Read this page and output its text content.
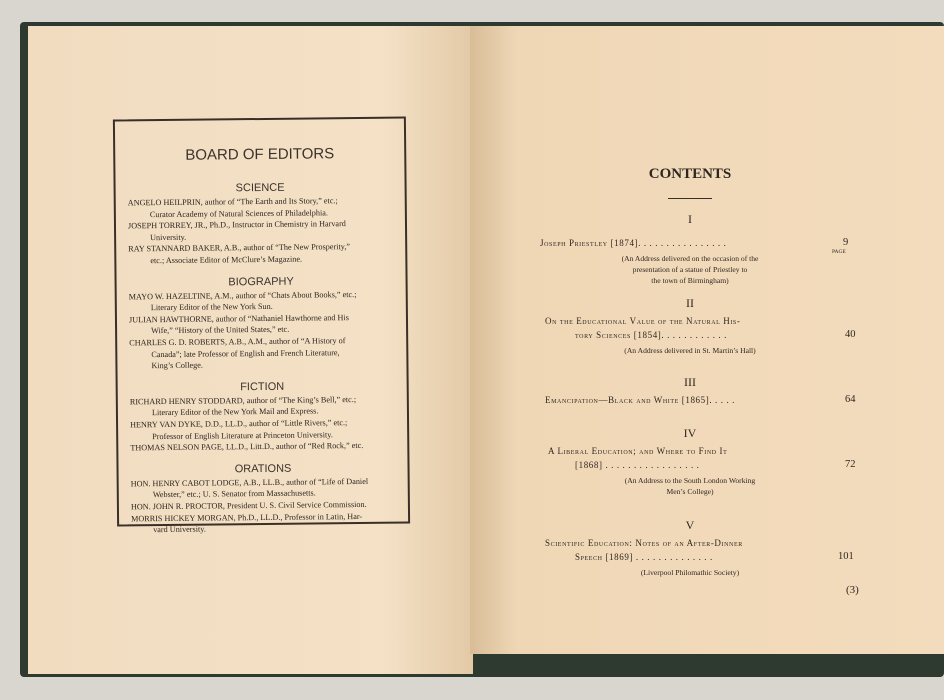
BOARD OF EDITORS
SCIENCE
ANGELO HEILPRIN, author of “The Earth and Its Story,” etc.;
Curator Academy of Natural Sciences of Philadelphia.
JOSEPH TORREY, JR., Ph.D., Instructor in Chemistry in Harvard
University.
RAY STANNARD BAKER, A.B., author of “The New Prosperity,”
etc.; Associate Editor of McClure’s Magazine.
BIOGRAPHY
MAYO W. HAZELTINE, A.M., author of “Chats About Books,” etc.;
Literary Editor of the New York Sun.
JULIAN HAWTHORNE, author of “Nathaniel Hawthorne and His
Wife,” “History of the United States,” etc.
CHARLES G. D. ROBERTS, A.B., A.M., author of “A History of
Canada”; late Professor of English and French Literature,
King’s College.
FICTION
RICHARD HENRY STODDARD, author of “The King’s Bell,” etc.;
Literary Editor of the New York Mail and Express.
HENRY VAN DYKE, D.D., LL.D., author of “Little Rivers,” etc.;
Professor of English Literature at Princeton University.
THOMAS NELSON PAGE, LL.D., Litt.D., author of “Red Rock,” etc.
ORATIONS
HON. HENRY CABOT LODGE, A.B., LL.B., author of “Life of Daniel
Webster,” etc.; U. S. Senator from Massachusetts.
HON. JOHN R. PROCTOR, President U. S. Civil Service Commission.
MORRIS HICKEY MORGAN, Ph.D., LL.D., Professor in Latin, Har-
vard University.
CONTENTS
PAGE
(3)
I
Joseph Priestley [1874]. . . . . . . . . . . . . . . .	9
(An Address delivered on the occasion of the
presentation of a statue of Priestley to
the town of Birmingham)
II
On the Educational Value of the Natural His-
tory Sciences [1854]. . . . . . . . . . . .	40
(An Address delivered in St. Martin’s Hall)
III
Emancipation—Black and White [1865]. . . . .	64
IV
A Liberal Education; and Where to Find It
[1868] . . . . . . . . . . . . . . . . .	72
(An Address to the South London Working
Men’s College)
V
Scientific Education: Notes of an After-Dinner
Speech [1869] . . . . . . . . . . . . . .	101
(Liverpool Philomathic Society)
